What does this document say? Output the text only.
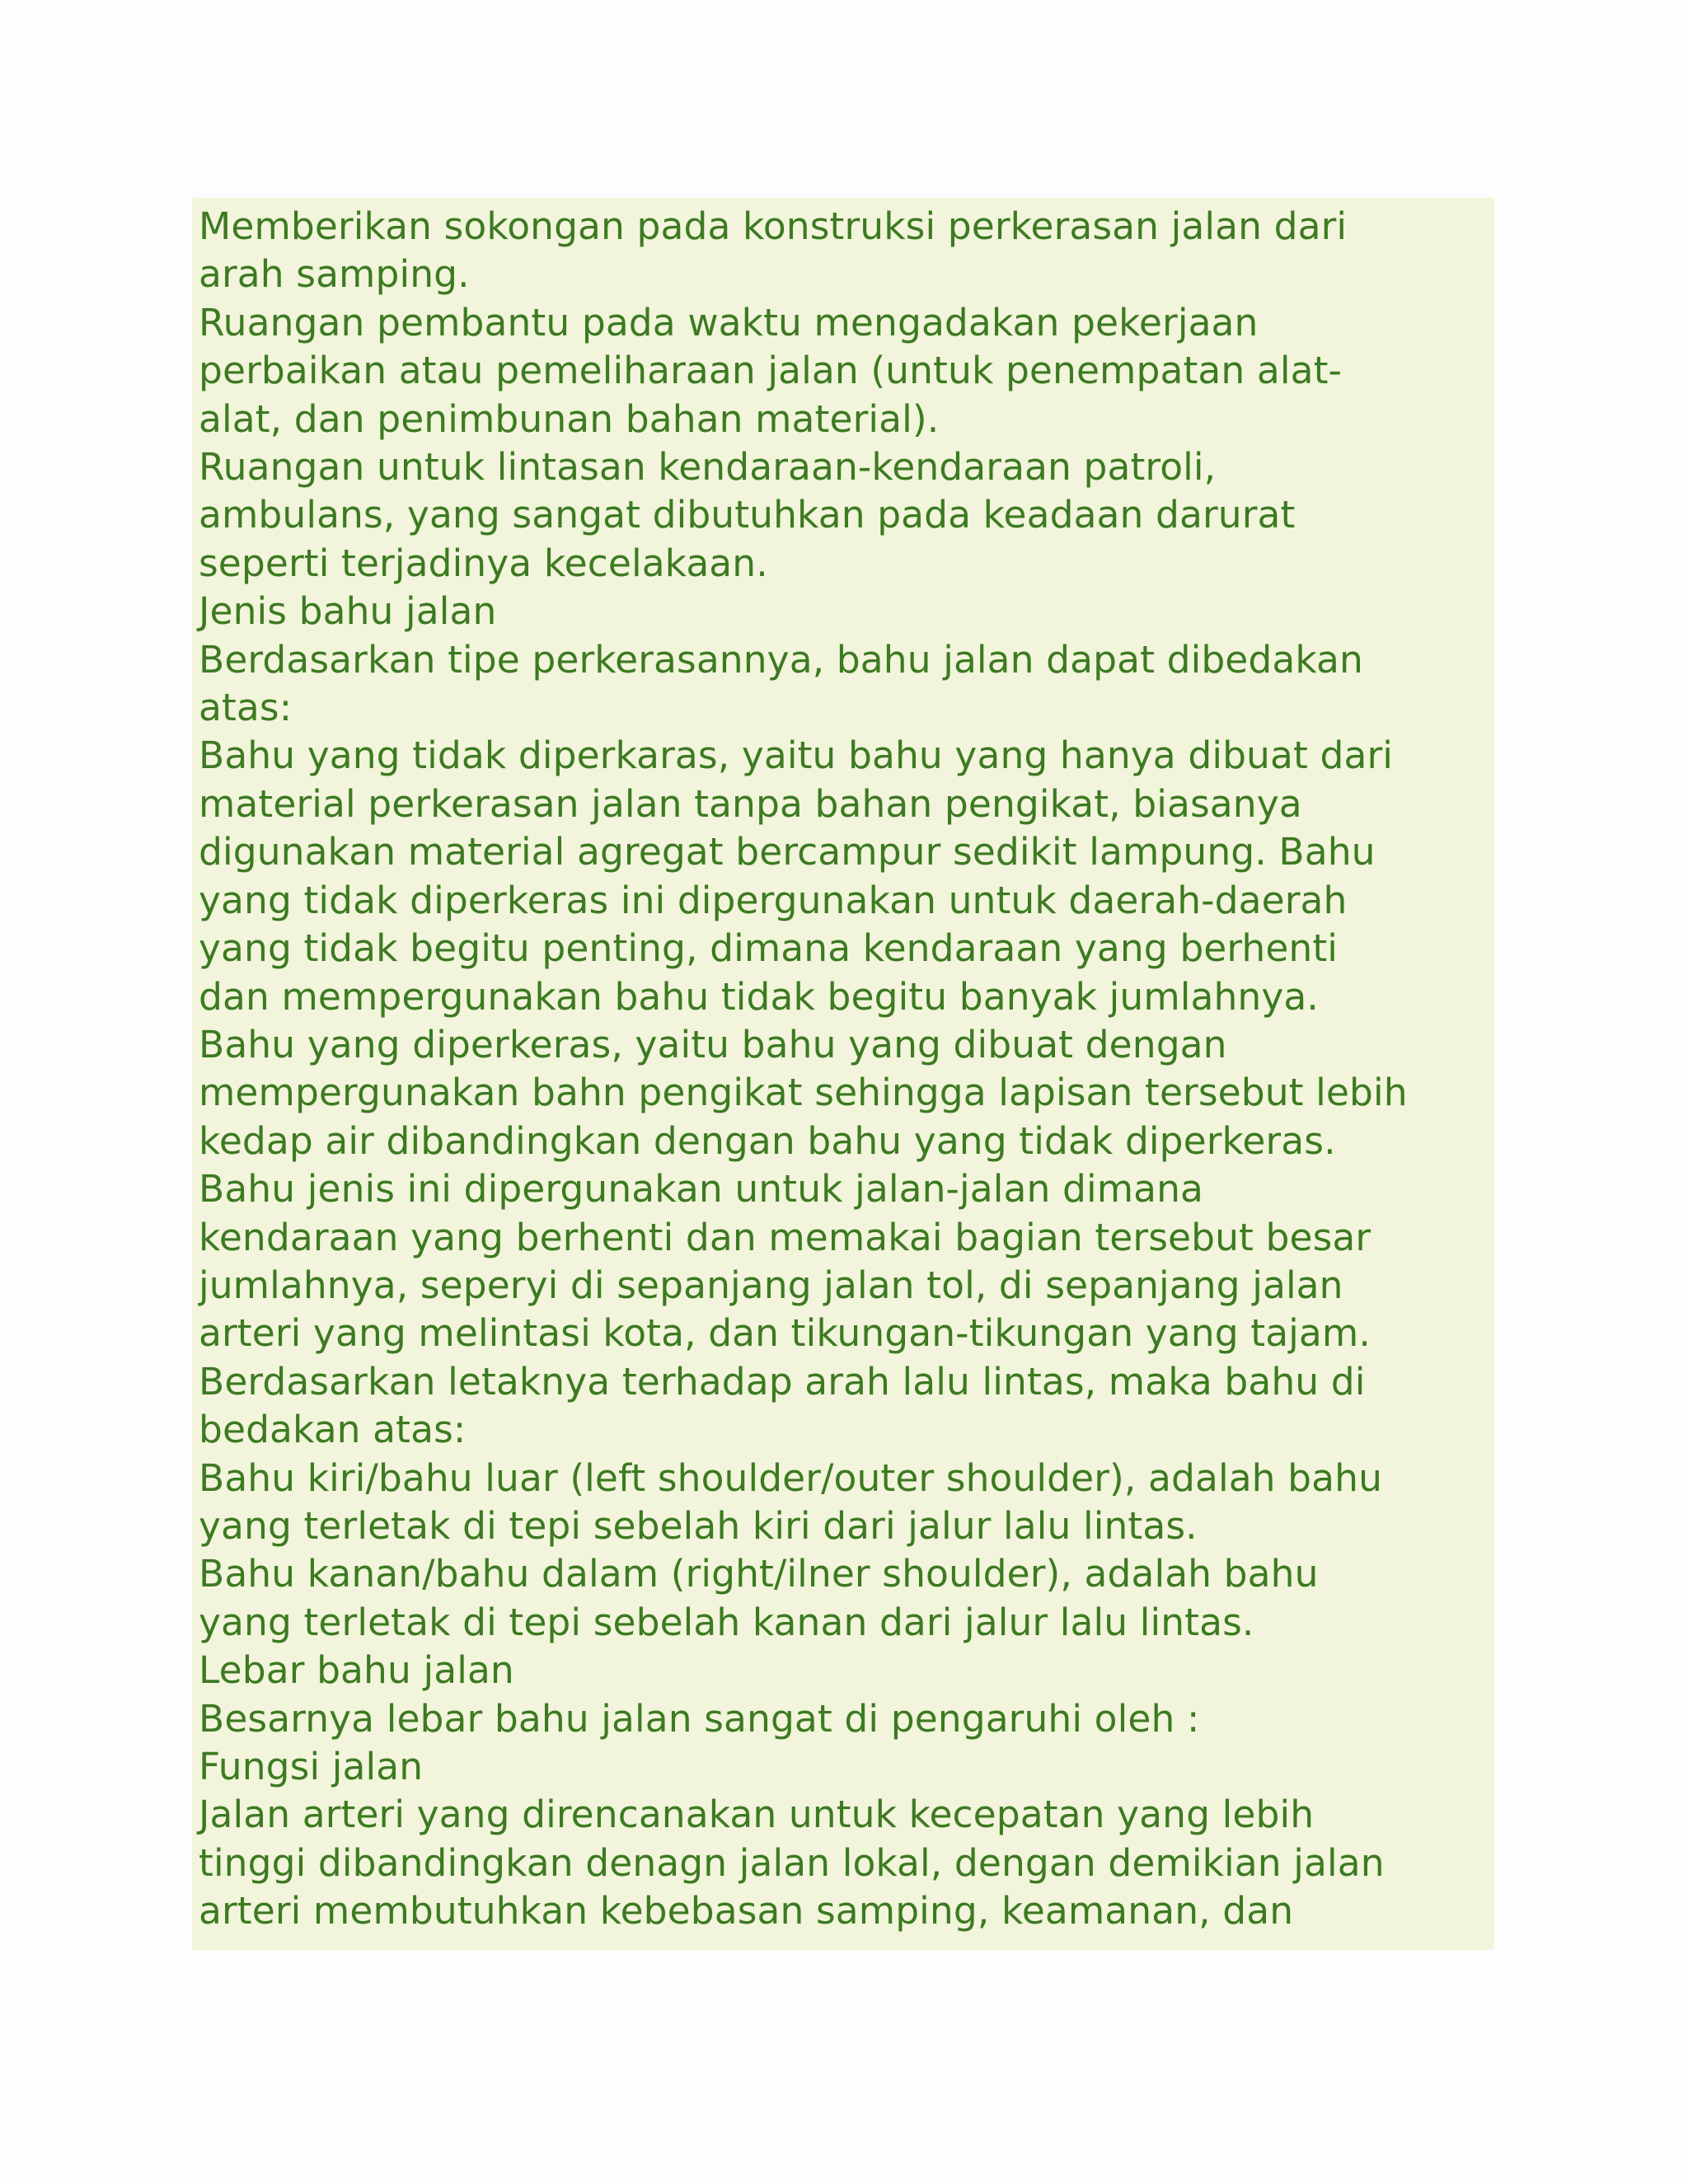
Memberikan sokongan pada konstruksi perkerasan jalan dari
arah samping.
Ruangan pembantu pada waktu mengadakan pekerjaan
perbaikan atau pemeliharaan jalan (untuk penempatan alat-
alat, dan penimbunan bahan material).
Ruangan untuk lintasan kendaraan-kendaraan patroli,
ambulans, yang sangat dibutuhkan pada keadaan darurat
seperti terjadinya kecelakaan.
Jenis bahu jalan
Berdasarkan tipe perkerasannya, bahu jalan dapat dibedakan
atas:
Bahu yang tidak diperkaras, yaitu bahu yang hanya dibuat dari
material perkerasan jalan tanpa bahan pengikat, biasanya
digunakan material agregat bercampur sedikit lampung. Bahu
yang tidak diperkeras ini dipergunakan untuk daerah-daerah
yang tidak begitu penting, dimana kendaraan yang berhenti
dan mempergunakan bahu tidak begitu banyak jumlahnya.
Bahu yang diperkeras, yaitu bahu yang dibuat dengan
mempergunakan bahn pengikat sehingga lapisan tersebut lebih
kedap air dibandingkan dengan bahu yang tidak diperkeras.
Bahu jenis ini dipergunakan untuk jalan-jalan dimana
kendaraan yang berhenti dan memakai bagian tersebut besar
jumlahnya, seperyi di sepanjang jalan tol, di sepanjang jalan
arteri yang melintasi kota, dan tikungan-tikungan yang tajam.
Berdasarkan letaknya terhadap arah lalu lintas, maka bahu di
bedakan atas:
Bahu kiri/bahu luar (left shoulder/outer shoulder), adalah bahu
yang terletak di tepi sebelah kiri dari jalur lalu lintas.
Bahu kanan/bahu dalam (right/ilner shoulder), adalah bahu
yang terletak di tepi sebelah kanan dari jalur lalu lintas.
Lebar bahu jalan
Besarnya lebar bahu jalan sangat di pengaruhi oleh :
Fungsi jalan
Jalan arteri yang direncanakan untuk kecepatan yang lebih
tinggi dibandingkan denagn jalan lokal, dengan demikian jalan
arteri membutuhkan kebebasan samping, keamanan, dan
